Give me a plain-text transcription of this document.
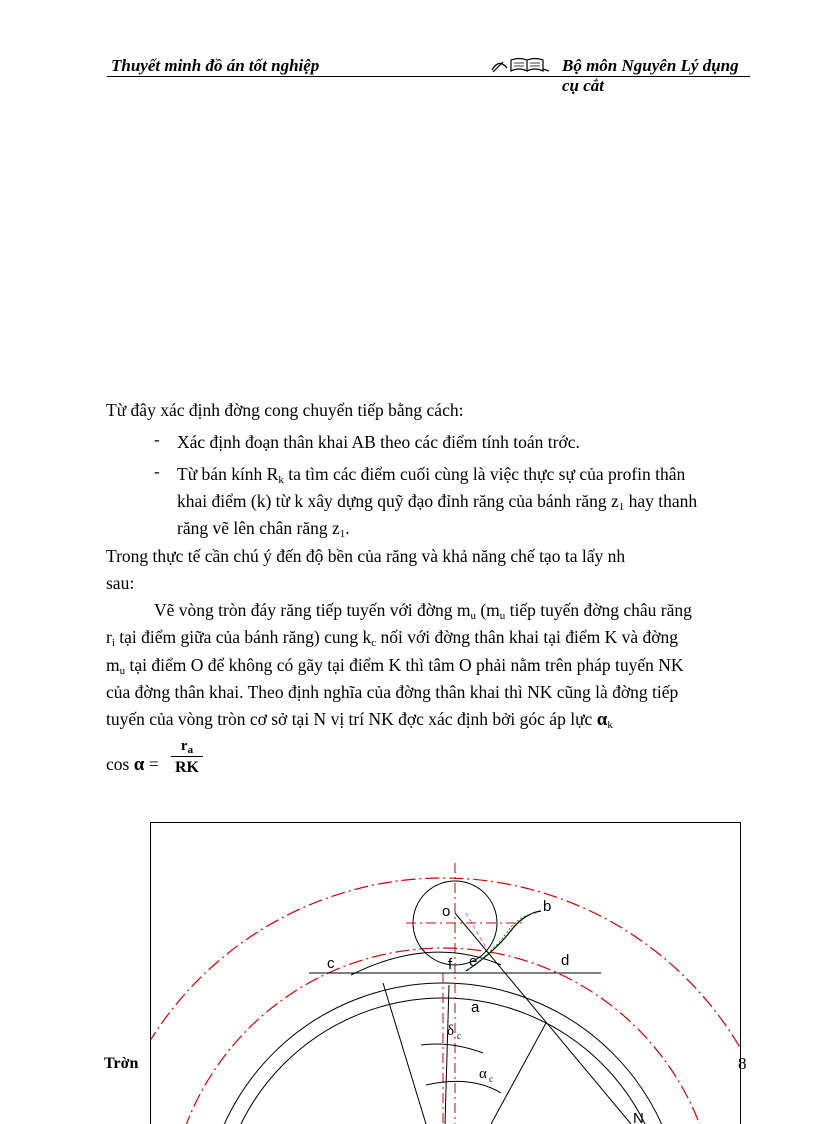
Thuyết minh đồ án tốt nghiệp	Bộ môn Nguyên Lý dụng cụ cắt
Từ đây xác định đờng cong chuyển tiếp bằng cách:
- Xác định đoạn thân khai AB theo các điểm tính toán trớc.
- Từ bán kính $R_k$ ta tìm các điểm cuối cùng là việc thực sự của profin thân
khai điểm (k) từ k xây dựng quỹ đạo đỉnh răng của bánh răng $z_1$ hay thanh
răng vẽ lên chân răng $z_1$.
Trong thực tế cần chú ý đến độ bền của răng và khả năng chế tạo ta lấy nh
sau:
Vẽ vòng tròn đáy răng tiếp tuyến với đờng $m_u$ ($m_u$ tiếp tuyến đờng châu răng
$r_i$ tại điểm giữa của bánh răng) cung $k_c$ nối với đờng thân khai tại điểm K và đờng
$m_u$ tại điểm O để không có gãy tại điểm K thì tâm O phải nằm trên pháp tuyến NK
của đờng thân khai. Theo định nghĩa của đờng thân khai thì NK cũng là đờng tiếp
tuyến của vòng tròn cơ sở tại N vị trí NK đợc xác định bởi góc áp lực $\alpha_k$
cos α =
$r_a$
RK
o	b
c	e
f	d
a
δ c
α c
N
Trờn	8
